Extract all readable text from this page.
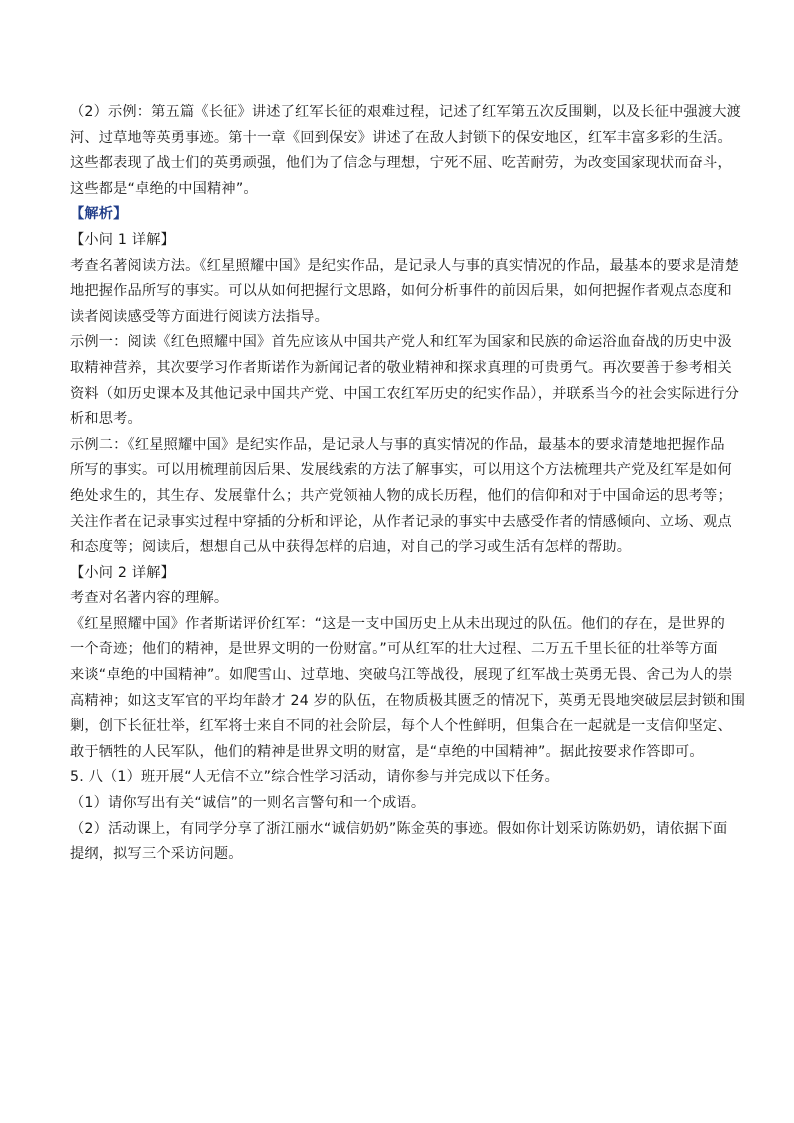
（2）示例：第五篇《长征》讲述了红军长征的艰难过程，记述了红军第五次反围剿，以及长征中强渡大渡
河、过草地等英勇事迹。第十一章《回到保安》讲述了在敌人封锁下的保安地区，红军丰富多彩的生活。
这些都表现了战士们的英勇顽强，他们为了信念与理想，宁死不屈、吃苦耐劳，为改变国家现状而奋斗，
这些都是“卓绝的中国精神”。
【解析】
【小问 1 详解】
考查名著阅读方法。《红星照耀中国》是纪实作品，是记录人与事的真实情况的作品，最基本的要求是清楚
地把握作品所写的事实。可以从如何把握行文思路，如何分析事件的前因后果，如何把握作者观点态度和
读者阅读感受等方面进行阅读方法指导。
示例一：阅读《红色照耀中国》首先应该从中国共产党人和红军为国家和民族的命运浴血奋战的历史中汲
取精神营养，其次要学习作者斯诺作为新闻记者的敬业精神和探求真理的可贵勇气。再次要善于参考相关
资料（如历史课本及其他记录中国共产党、中国工农红军历史的纪实作品），并联系当今的社会实际进行分
析和思考。
示例二：《红星照耀中国》是纪实作品，是记录人与事的真实情况的作品，最基本的要求清楚地把握作品
所写的事实。可以用梳理前因后果、发展线索的方法了解事实，可以用这个方法梳理共产党及红军是如何
绝处求生的，其生存、发展靠什么；共产党领袖人物的成长历程，他们的信仰和对于中国命运的思考等；
关注作者在记录事实过程中穿插的分析和评论，从作者记录的事实中去感受作者的情感倾向、立场、观点
和态度等；阅读后，想想自己从中获得怎样的启迪，对自己的学习或生活有怎样的帮助。
【小问 2 详解】
考查对名著内容的理解。
《红星照耀中国》作者斯诺评价红军：“这是一支中国历史上从未出现过的队伍。他们的存在，是世界的
一个奇迹；他们的精神，是世界文明的一份财富。”可从红军的壮大过程、二万五千里长征的壮举等方面
来谈“卓绝的中国精神”。如爬雪山、过草地、突破乌江等战役，展现了红军战士英勇无畏、舍己为人的崇
高精神；如这支军官的平均年龄才 24 岁的队伍，在物质极其匮乏的情况下，英勇无畏地突破层层封锁和围
剿，创下长征壮举，红军将士来自不同的社会阶层，每个人个性鲜明，但集合在一起就是一支信仰坚定、
敢于牺牲的人民军队，他们的精神是世界文明的财富，是“卓绝的中国精神”。据此按要求作答即可。
5. 八（1）班开展“人无信不立”综合性学习活动，请你参与并完成以下任务。
（1）请你写出有关“诚信”的一则名言警句和一个成语。
（2）活动课上，有同学分享了浙江丽水“诚信奶奶”陈金英的事迹。假如你计划采访陈奶奶，请依据下面
提纲，拟写三个采访问题。
